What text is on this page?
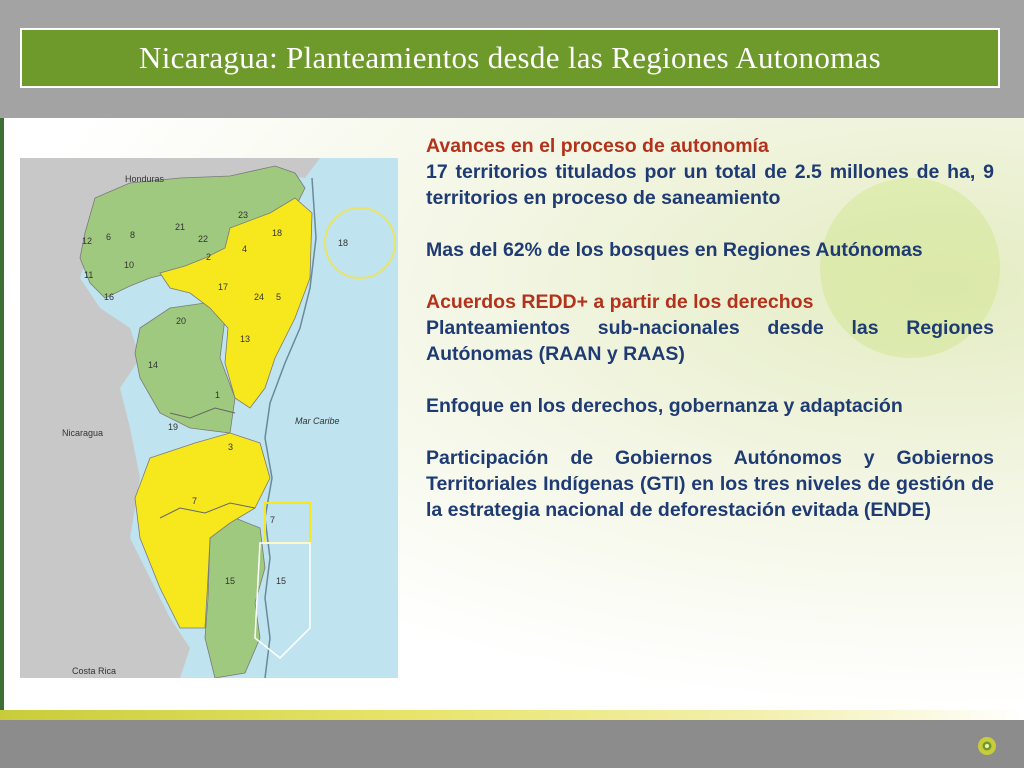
Nicaragua: Planteamientos desde las Regiones Autonomas
Honduras
Nicaragua
Costa Rica
Mar Caribe
12 6 8
21
23
18
22
4
2
10
11
16
17
24 5
20
13
14
1
19
3
7
7
15	15
18

Avances en el proceso de autonomía

17 territorios titulados por un total de 2.5 millones de ha, 9 territorios en proceso de saneamiento

Mas del 62% de los bosques en Regiones Autónomas

Acuerdos REDD+ a partir de los derechos

Planteamientos sub-nacionales desde las Regiones Autónomas (RAAN y RAAS)

Enfoque en los derechos, gobernanza y adaptación

Participación de Gobiernos Autónomos y Gobiernos Territoriales Indígenas (GTI) en los tres niveles de gestión de la estrategia nacional de deforestación evitada (ENDE)
